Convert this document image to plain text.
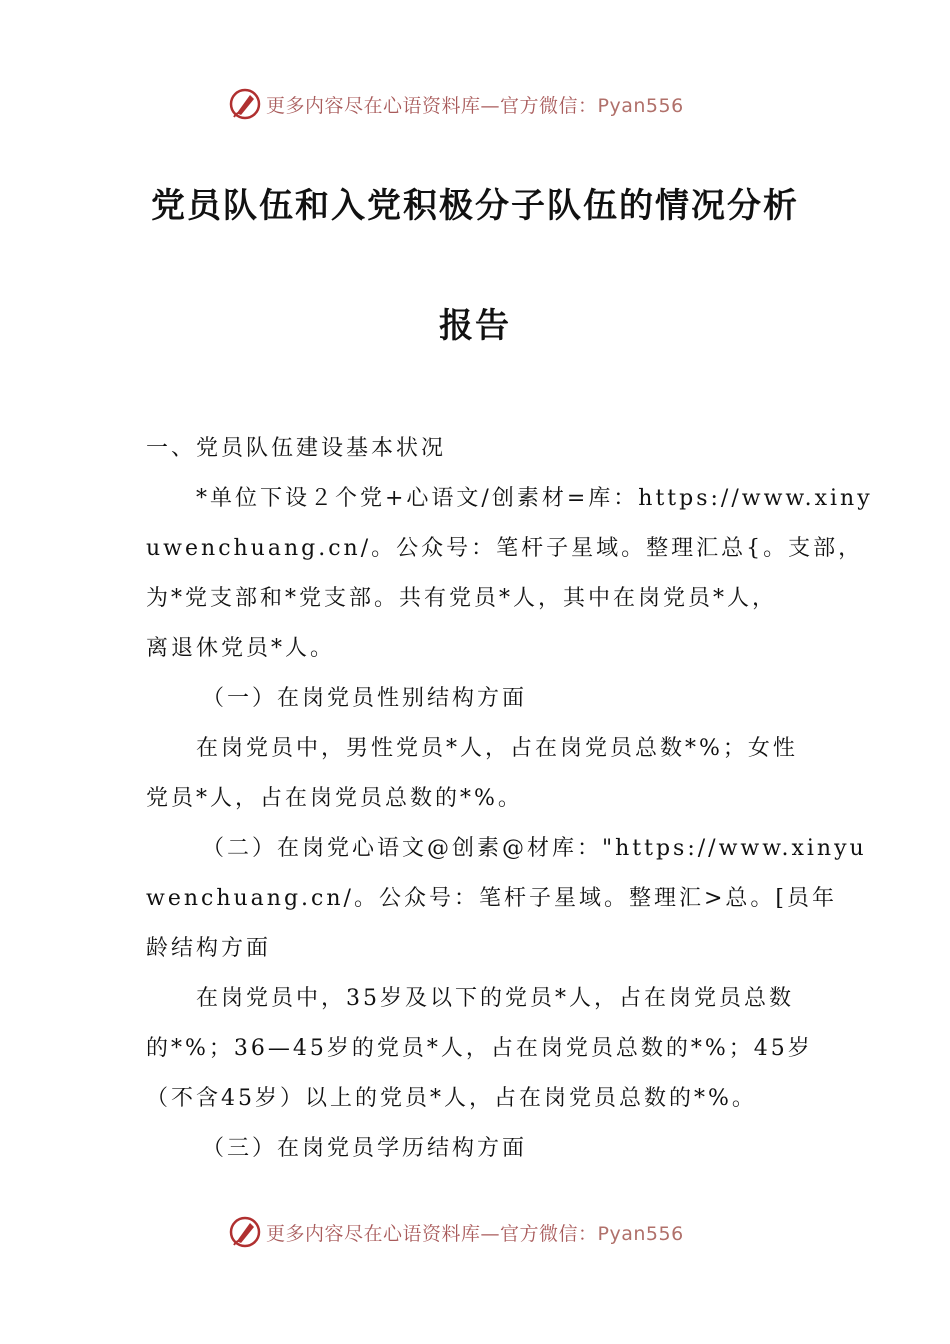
更多内容尽在心语资料库—官方微信：Pyan556
党员队伍和入党积极分子队伍的情况分析
报告
一、党员队伍建设基本状况
*单位下设２个党+心语文/创素材=库：https://www.xiny
uwenchuang.cn/。公众号：笔杆子星域。整理汇总{。支部，
为*党支部和*党支部。共有党员*人，其中在岗党员*人，
离退休党员*人。
（一）在岗党员性别结构方面
在岗党员中，男性党员*人，占在岗党员总数*%；女性
党员*人，占在岗党员总数的*%。
（二）在岗党心语文@创素@材库："https://www.xinyu
wenchuang.cn/。公众号：笔杆子星域。整理汇>总。[员年
龄结构方面
在岗党员中，35岁及以下的党员*人，占在岗党员总数
的*%；36—45岁的党员*人，占在岗党员总数的*%；45岁
（不含45岁）以上的党员*人，占在岗党员总数的*%。
（三）在岗党员学历结构方面
更多内容尽在心语资料库—官方微信：Pyan556
